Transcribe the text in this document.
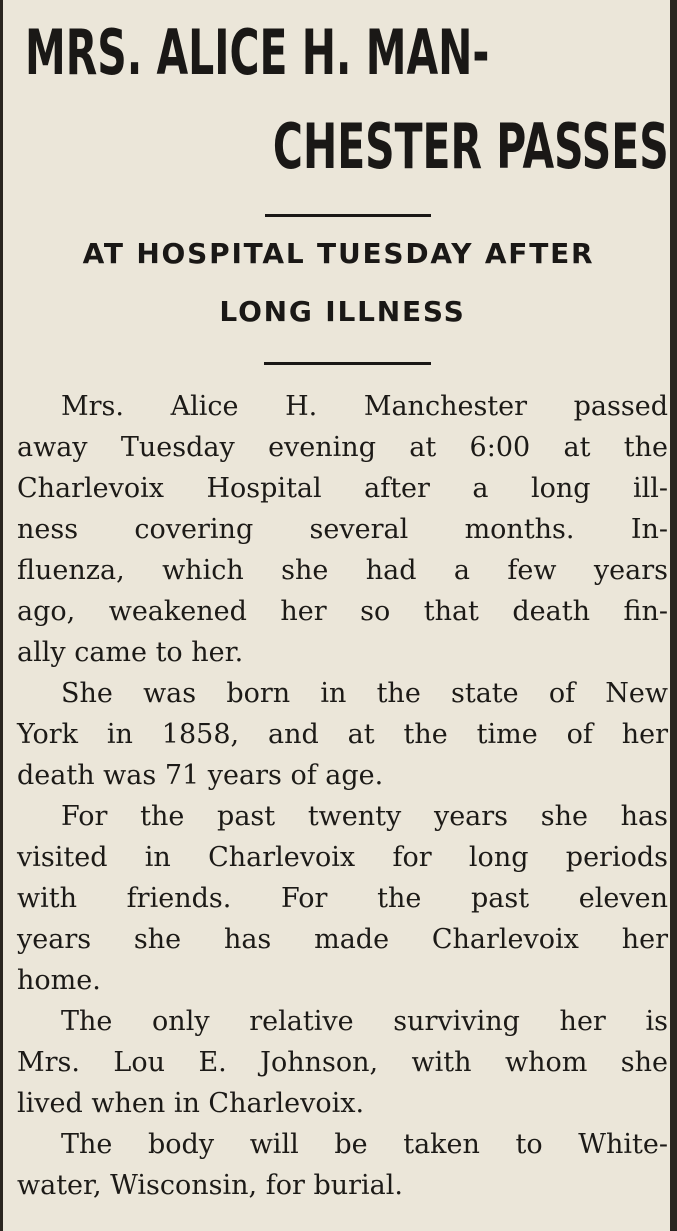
MRS. ALICE H. MAN-
CHESTER PASSES
AT HOSPITAL TUESDAY AFTER
LONG ILLNESS

Mrs. Alice H. Manchester passed
away Tuesday evening at 6:00 at the
Charlevoix Hospital after a long ill-
ness covering several months. In-
fluenza, which she had a few years
ago, weakened her so that death fin-
ally came to her.

She was born in the state of New
York in 1858, and at the time of her
death was 71 years of age.

For the past twenty years she has
visited in Charlevoix for long periods
with friends. For the past eleven
years she has made Charlevoix her
home.

The only relative surviving her is
Mrs. Lou E. Johnson, with whom she
lived when in Charlevoix.

The body will be taken to White-
water, Wisconsin, for burial.
